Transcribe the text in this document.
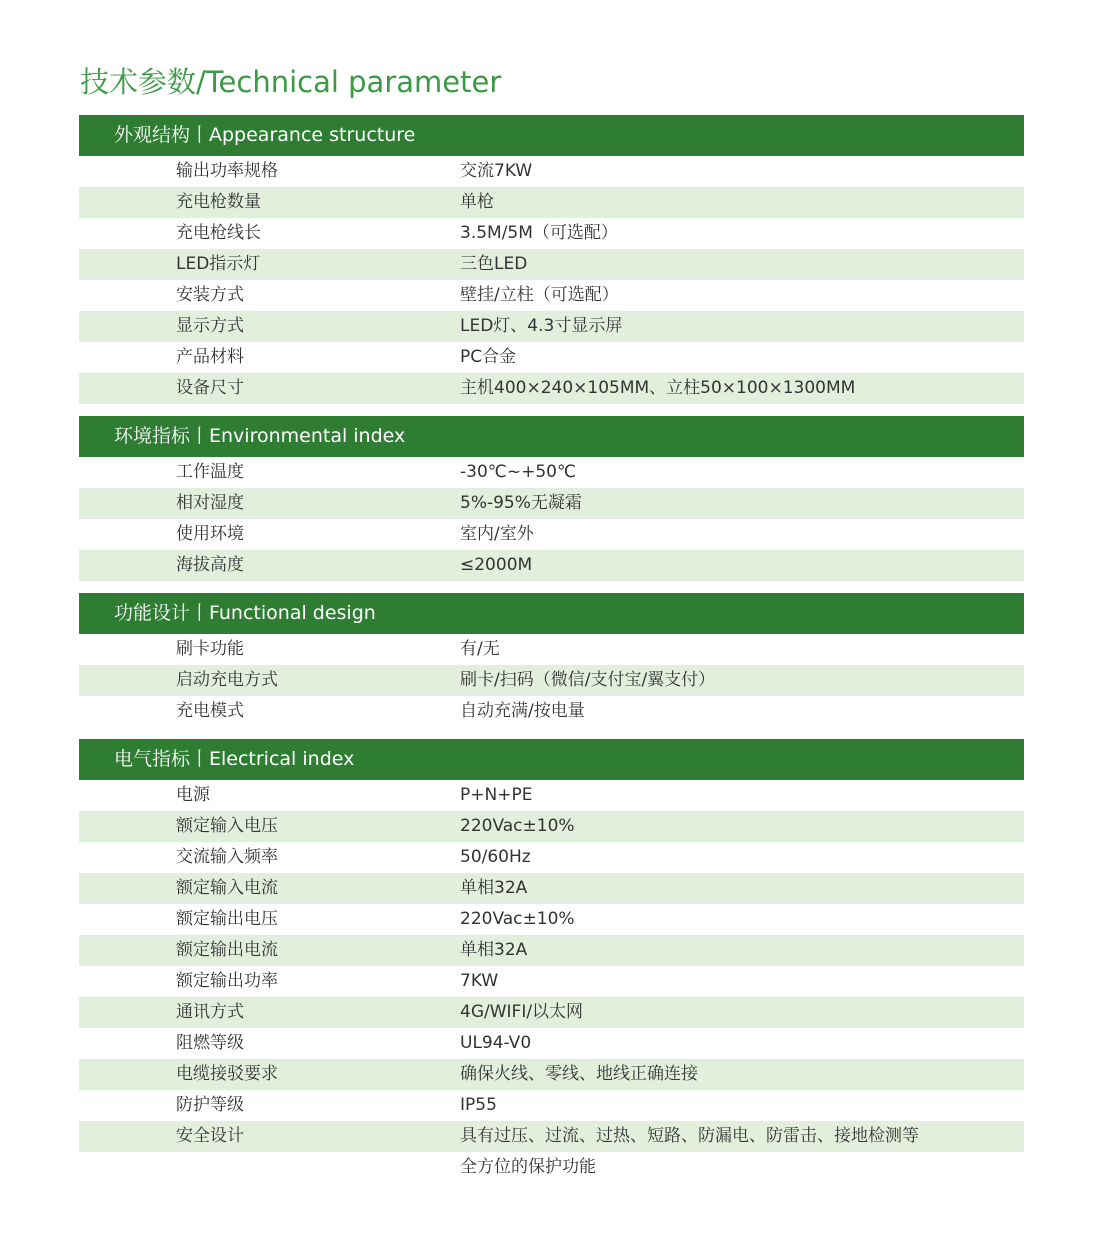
技术参数/Technical parameter
外观结构丨Appearance structure
输出功率规格	交流7KW
充电枪数量	单枪
充电枪线长	3.5M/5M（可选配）
LED指示灯	三色LED
安装方式	壁挂/立柱（可选配）
显示方式	LED灯、4.3寸显示屏
产品材料	PC合金
设备尺寸	主机400×240×105MM、立柱50×100×1300MM
环境指标丨Environmental index
工作温度	-30℃~+50℃
相对湿度	5%-95%无凝霜
使用环境	室内/室外
海拔高度	≤2000M
功能设计丨Functional design
刷卡功能	有/无
启动充电方式	刷卡/扫码（微信/支付宝/翼支付）
充电模式	自动充满/按电量
电气指标丨Electrical index
电源	P+N+PE
额定输入电压	220Vac±10%
交流输入频率	50/60Hz
额定输入电流	单相32A
额定输出电压	220Vac±10%
额定输出电流	单相32A
额定输出功率	7KW
通讯方式	4G/WIFI/以太网
阻燃等级	UL94-V0
电缆接驳要求	确保火线、零线、地线正确连接
防护等级	IP55
安全设计	具有过压、过流、过热、短路、防漏电、防雷击、接地检测等
全方位的保护功能
